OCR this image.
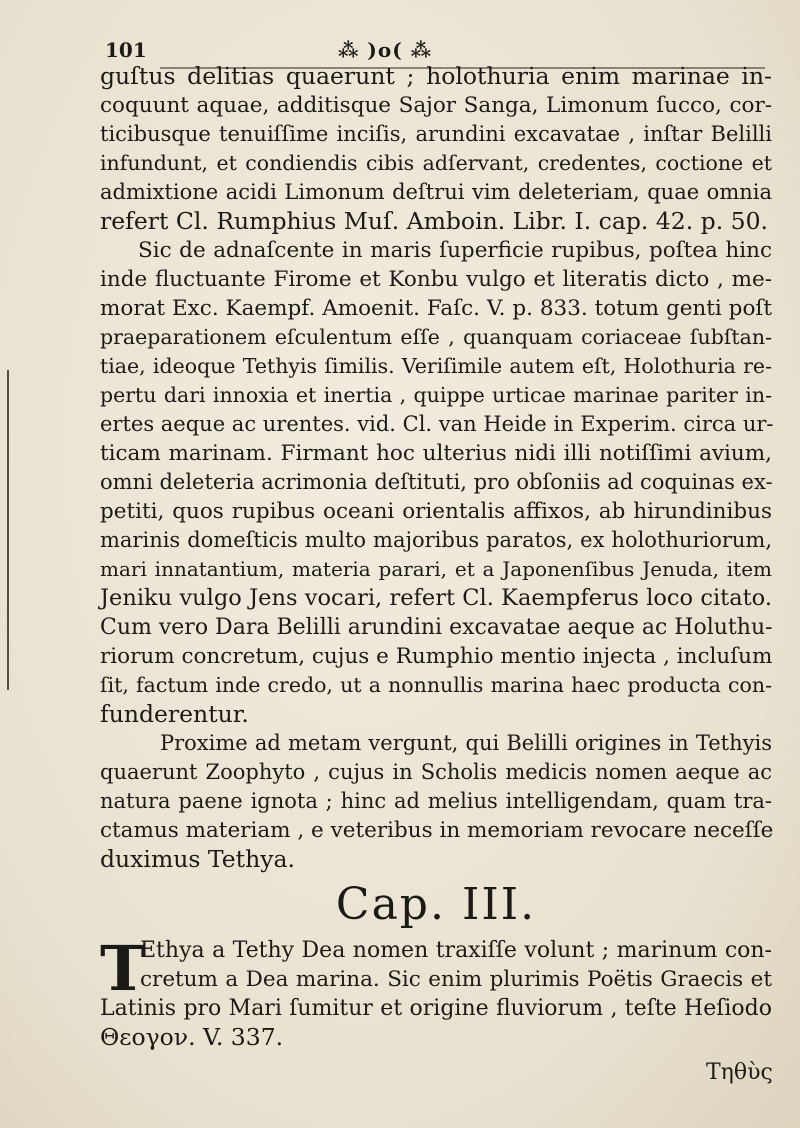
101	⁂ )o( ⁂
guſtus delitias quaerunt ; holothuria enim marinae in-
coquunt aquae, additisque Sajor Sanga, Limonum ſucco, cor-
ticibusque tenuiſſime inciſis, arundini excavatae , inſtar Belilli
infundunt, et condiendis cibis adſervant, credentes, coctione et
admixtione acidi Limonum deſtrui vim deleteriam, quae omnia
refert Cl. Rumphius Muſ. Amboin. Libr. I. cap. 42. p. 50.
Sic de adnaſcente in maris ſuperficie rupibus, poſtea hinc
inde fluctuante Firome et Konbu vulgo et literatis dicto , me-
morat Exc. Kaempf. Amoenit. Faſc. V. p. 833. totum genti poſt
praeparationem eſculentum eſſe , quanquam coriaceae ſubſtan-
tiae, ideoque Tethyis ſimilis. Veriſimile autem eſt, Holothuria re-
pertu dari innoxia et inertia , quippe urticae marinae pariter in-
ertes aeque ac urentes. vid. Cl. van Heide in Experim. circa ur-
ticam marinam. Firmant hoc ulterius nidi illi notiſſimi avium,
omni deleteria acrimonia deſtituti, pro obſoniis ad coquinas ex-
petiti, quos rupibus oceani orientalis affixos, ab hirundinibus
marinis domeſticis multo majoribus paratos, ex holothuriorum,
mari innatantium, materia parari, et a Japonenſibus Jenuda, item
Jeniku vulgo Jens vocari, refert Cl. Kaempferus loco citato.
Cum vero Dara Belilli arundini excavatae aeque ac Holuthu-
riorum concretum, cujus e Rumphio mentio injecta , incluſum
ſit, factum inde credo, ut a nonnullis marina haec producta con-
funderentur.
Proxime ad metam vergunt, qui Belilli origines in Tethyis
quaerunt Zoophyto , cujus in Scholis medicis nomen aeque ac
natura paene ignota ; hinc ad melius intelligendam, quam tra-
ctamus materiam , e veteribus in memoriam revocare neceſſe
duximus Tethya.
Cap. III.
T
Ethya a Tethy Dea nomen traxiſſe volunt ; marinum con-
cretum a Dea marina. Sic enim plurimis Poëtis Graecis et
Latinis pro Mari ſumitur et origine fluviorum , teſte Heſiodo
Θεογον. V. 337.
Τηθὺς
